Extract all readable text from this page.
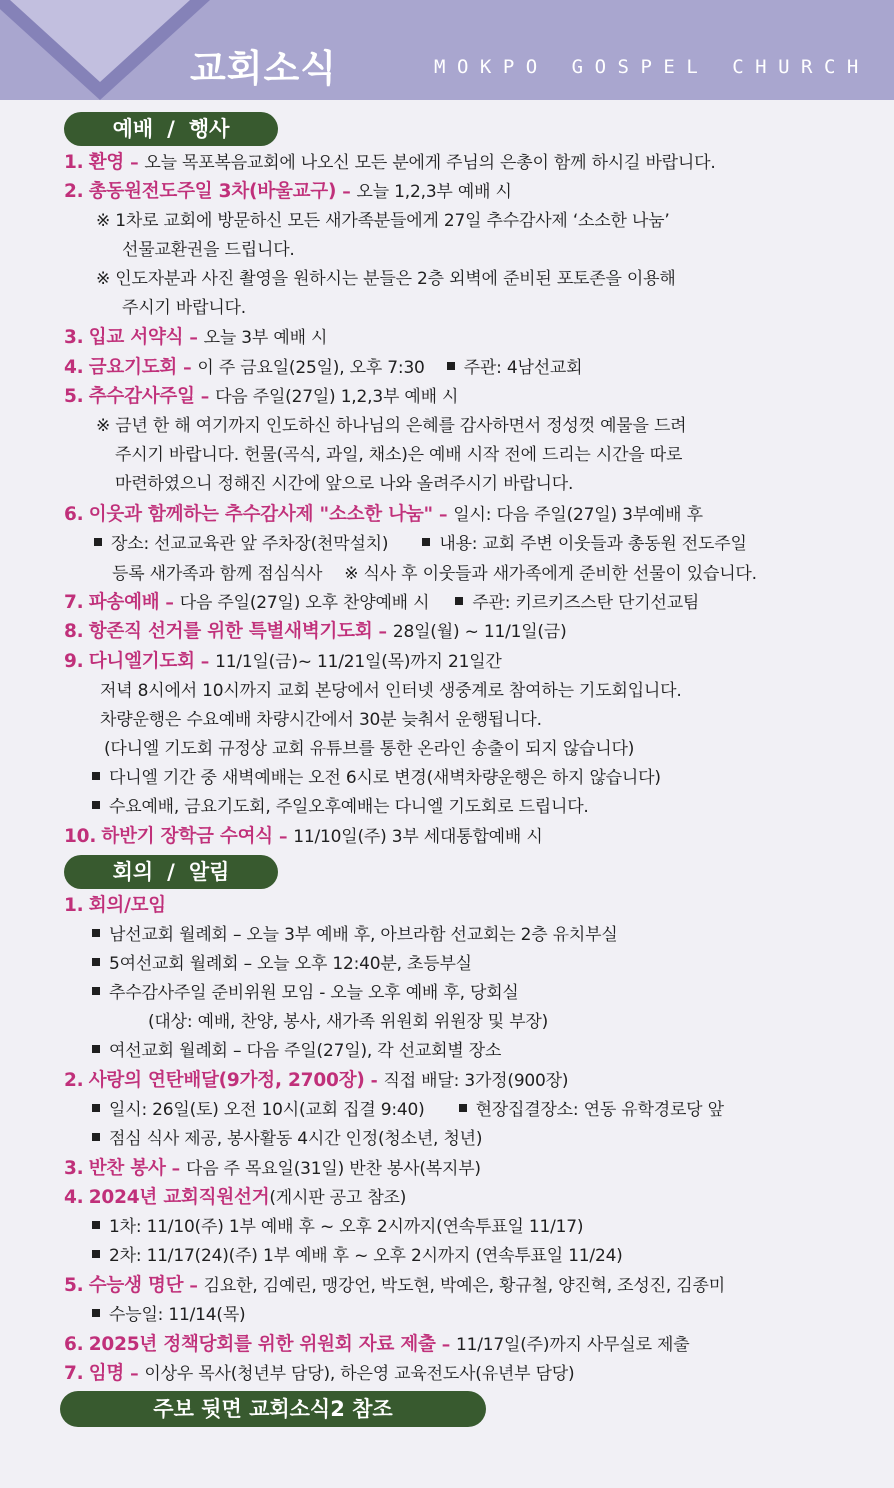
교회소식	MOKPO GOSPEL CHURCH
예배 / 행사
1. 환영 – 오늘 목포복음교회에 나오신 모든 분에게 주님의 은총이 함께 하시길 바랍니다.
2. 총동원전도주일 3차(바울교구) – 오늘 1,2,3부 예배 시
※ 1차로 교회에 방문하신 모든 새가족분들에게 27일 추수감사제 ‘소소한 나눔’
선물교환권을 드립니다.
※ 인도자분과 사진 촬영을 원하시는 분들은 2층 외벽에 준비된 포토존을 이용해
주시기 바랍니다.
3. 입교 서약식 – 오늘 3부 예배 시
4. 금요기도회 – 이 주 금요일(25일), 오후 7:30 주관: 4남선교회
5. 추수감사주일 – 다음 주일(27일) 1,2,3부 예배 시
※ 금년 한 해 여기까지 인도하신 하나님의 은혜를 감사하면서 정성껏 예물을 드려
주시기 바랍니다. 헌물(곡식, 과일, 채소)은 예배 시작 전에 드리는 시간을 따로
마련하였으니 정해진 시간에 앞으로 나와 올려주시기 바랍니다.
6. 이웃과 함께하는 추수감사제 "소소한 나눔" – 일시: 다음 주일(27일) 3부예배 후
장소: 선교교육관 앞 주차장(천막설치)	내용: 교회 주변 이웃들과 총동원 전도주일
등록 새가족과 함께 점심식사 ※ 식사 후 이웃들과 새가족에게 준비한 선물이 있습니다.
7. 파송예배 – 다음 주일(27일) 오후 찬양예배 시	주관: 키르키즈스탄 단기선교팀
8. 항존직 선거를 위한 특별새벽기도회 – 28일(월) ~ 11/1일(금)
9. 다니엘기도회 – 11/1일(금)~ 11/21일(목)까지 21일간
저녁 8시에서 10시까지 교회 본당에서 인터넷 생중계로 참여하는 기도회입니다.
차량운행은 수요예배 차량시간에서 30분 늦춰서 운행됩니다.
(다니엘 기도회 규정상 교회 유튜브를 통한 온라인 송출이 되지 않습니다)
다니엘 기간 중 새벽예배는 오전 6시로 변경(새벽차량운행은 하지 않습니다)
수요예배, 금요기도회, 주일오후예배는 다니엘 기도회로 드립니다.
10. 하반기 장학금 수여식 – 11/10일(주) 3부 세대통합예배 시
회의 / 알림
1. 회의/모임
남선교회 월례회 – 오늘 3부 예배 후, 아브라함 선교회는 2층 유치부실
5여선교회 월례회 – 오늘 오후 12:40분, 초등부실
추수감사주일 준비위원 모임 - 오늘 오후 예배 후, 당회실
(대상: 예배, 찬양, 봉사, 새가족 위원회 위원장 및 부장)
여선교회 월례회 – 다음 주일(27일), 각 선교회별 장소
2. 사랑의 연탄배달(9가정, 2700장) - 직접 배달: 3가정(900장)
일시: 26일(토) 오전 10시(교회 집결 9:40)	현장집결장소: 연동 유학경로당 앞
점심 식사 제공, 봉사활동 4시간 인정(청소년, 청년)
3. 반찬 봉사 – 다음 주 목요일(31일) 반찬 봉사(복지부)
4. 2024년 교회직원선거(게시판 공고 참조)
1차: 11/10(주) 1부 예배 후 ~ 오후 2시까지(연속투표일 11/17)
2차: 11/17(24)(주) 1부 예배 후 ~ 오후 2시까지 (연속투표일 11/24)
5. 수능생 명단 – 김요한, 김예린, 맹강언, 박도현, 박예은, 황규철, 양진혁, 조성진, 김종미
수능일: 11/14(목)
6. 2025년 정책당회를 위한 위원회 자료 제출 – 11/17일(주)까지 사무실로 제출
7. 임명 – 이상우 목사(청년부 담당), 하은영 교육전도사(유년부 담당)
주보 뒷면 교회소식2 참조
